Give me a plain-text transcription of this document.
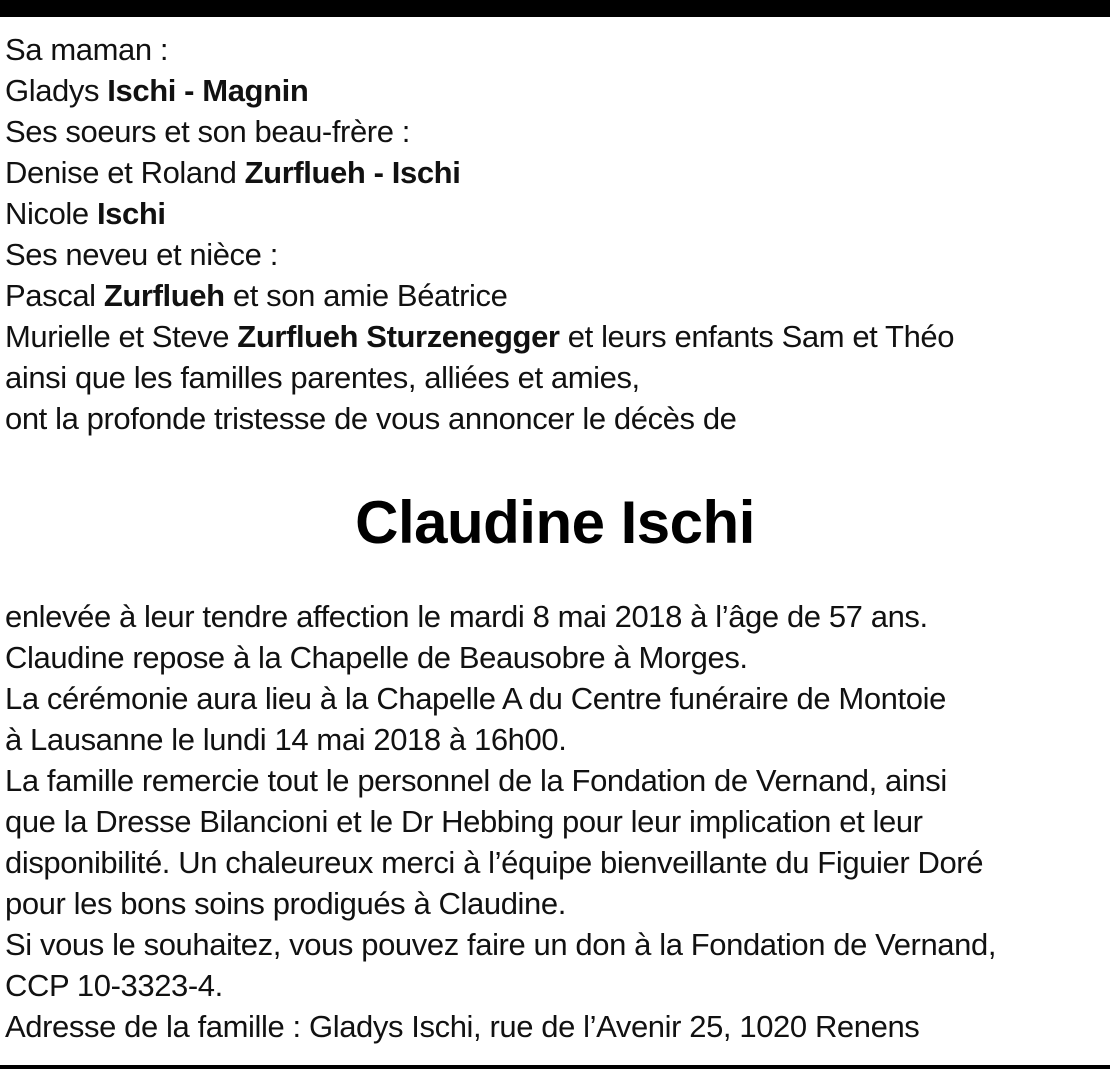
Sa maman :
Gladys Ischi - Magnin
Ses soeurs et son beau-frère :
Denise et Roland Zurflueh - Ischi
Nicole Ischi
Ses neveu et nièce :
Pascal Zurflueh et son amie Béatrice
Murielle et Steve Zurflueh Sturzenegger et leurs enfants Sam et Théo
ainsi que les familles parentes, alliées et amies,
ont la profonde tristesse de vous annoncer le décès de
Claudine Ischi
enlevée à leur tendre affection le mardi 8 mai 2018 à l’âge de 57 ans.
Claudine repose à la Chapelle de Beausobre à Morges.
La cérémonie aura lieu à la Chapelle A du Centre funéraire de Montoie
à Lausanne le lundi 14 mai 2018 à 16h00.
La famille remercie tout le personnel de la Fondation de Vernand, ainsi
que la Dresse Bilancioni et le Dr Hebbing pour leur implication et leur
disponibilité. Un chaleureux merci à l’équipe bienveillante du Figuier Doré
pour les bons soins prodigués à Claudine.
Si vous le souhaitez, vous pouvez faire un don à la Fondation de Vernand,
CCP 10-3323-4.
Adresse de la famille : Gladys Ischi, rue de l’Avenir 25, 1020 Renens
